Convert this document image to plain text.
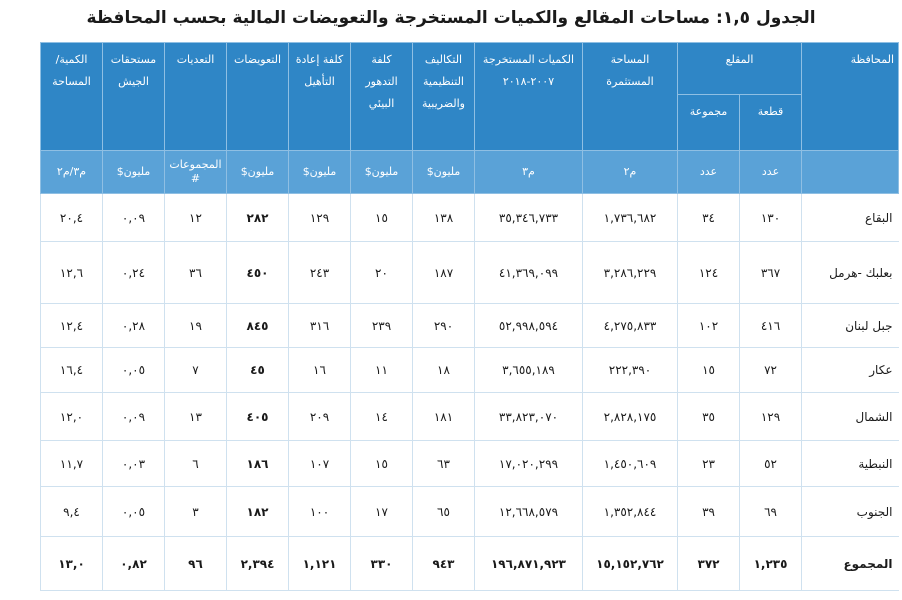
الجدول ١,٥: مساحات المقالع والكميات المستخرجة والتعويضات المالية بحسب المحافظة
المحافظة	المقلع		المساحة المستثمرة	الكميات المستخرجة ٢٠٠٧-٢٠١٨	التكاليف التنظيمية والضريبية	كلفة التدهور البيئي	كلفة إعادة التأهيل	التعويضات	التعديات	مستحقات الجيش	الكمية/ المساحة
	قطعة	مجموعة									
	عدد	عدد	م٢	م٣	مليون$	مليون$	مليون$	مليون$	المجموعات #	مليون$	م٣/م٢
البقاع	١٣٠	٣٤	١,٧٣٦,٦٨٢	٣٥,٣٤٦,٧٣٣	١٣٨	١٥	١٢٩	٢٨٢	١٢	٠,٠٩	٢٠,٤
بعلبك -هرمل	٣٦٧	١٢٤	٣,٢٨٦,٢٢٩	٤١,٣٦٩,٠٩٩	١٨٧	٢٠	٢٤٣	٤٥٠	٣٦	٠,٢٤	١٢,٦
جبل لبنان	٤١٦	١٠٢	٤,٢٧٥,٨٣٣	٥٢,٩٩٨,٥٩٤	٢٩٠	٢٣٩	٣١٦	٨٤٥	١٩	٠,٢٨	١٢,٤
عكار	٧٢	١٥	٢٢٢,٣٩٠	٣,٦٥٥,١٨٩	١٨	١١	١٦	٤٥	٧	٠,٠٥	١٦,٤
الشمال	١٢٩	٣٥	٢,٨٢٨,١٧٥	٣٣,٨٢٣,٠٧٠	١٨١	١٤	٢٠٩	٤٠٥	١٣	٠,٠٩	١٢,٠
النبطية	٥٢	٢٣	١,٤٥٠,٦٠٩	١٧,٠٢٠,٢٩٩	٦٣	١٥	١٠٧	١٨٦	٦	٠,٠٣	١١,٧
الجنوب	٦٩	٣٩	١,٣٥٢,٨٤٤	١٢,٦٦٨,٥٧٩	٦٥	١٧	١٠٠	١٨٢	٣	٠,٠٥	٩,٤
المجموع	١,٢٣٥	٣٧٢	١٥,١٥٢,٧٦٢	١٩٦,٨٧١,٩٢٣	٩٤٣	٣٣٠	١,١٢١	٢,٣٩٤	٩٦	٠,٨٢	١٣,٠
